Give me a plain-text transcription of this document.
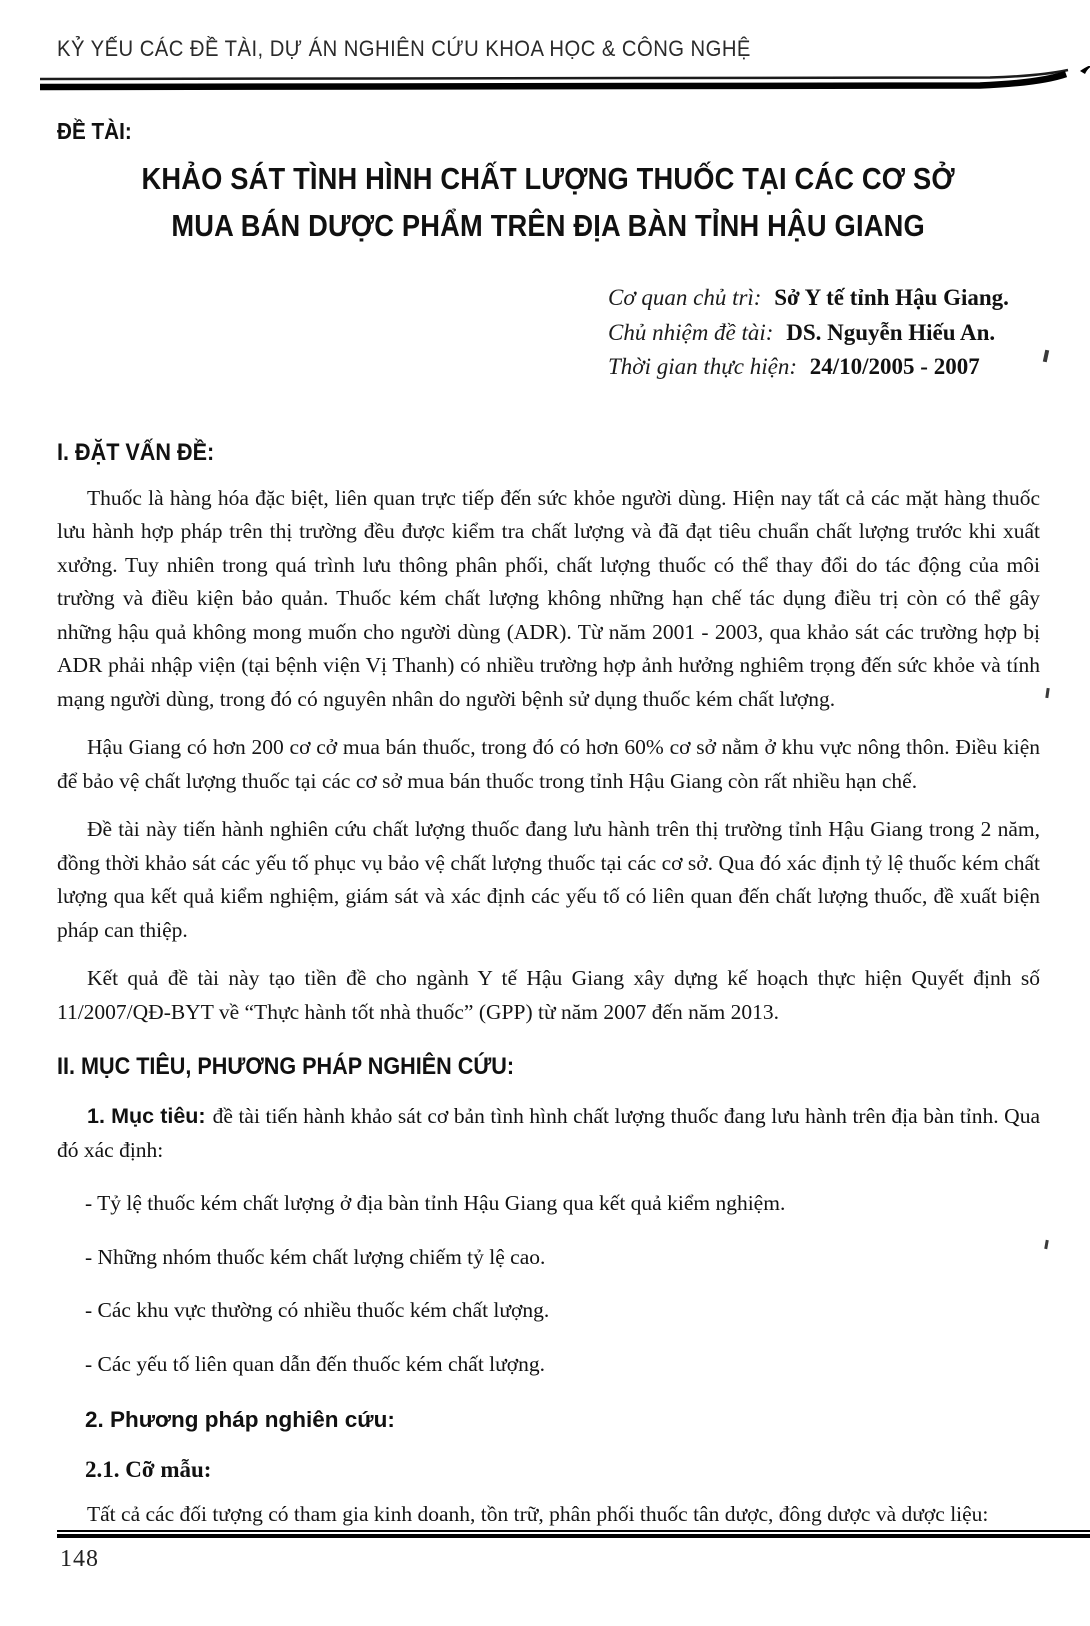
KỶ YẾU CÁC ĐỀ TÀI, DỰ ÁN NGHIÊN CỨU KHOA HỌC & CÔNG NGHỆ
ĐỀ TÀI:
KHẢO SÁT TÌNH HÌNH CHẤT LƯỢNG THUỐC TẠI CÁC CƠ SỞ
MUA BÁN DƯỢC PHẨM TRÊN ĐỊA BÀN TỈNH HẬU GIANG
Cơ quan chủ trì: Sở Y tế tỉnh Hậu Giang.
Chủ nhiệm đề tài: DS. Nguyễn Hiếu An.
Thời gian thực hiện: 24/10/2005 - 2007
I. ĐẶT VẤN ĐỀ:

Thuốc là hàng hóa đặc biệt, liên quan trực tiếp đến sức khỏe người dùng. Hiện nay tất cả các mặt hàng thuốc lưu hành hợp pháp trên thị trường đều được kiểm tra chất lượng và đã đạt tiêu chuẩn chất lượng trước khi xuất xưởng. Tuy nhiên trong quá trình lưu thông phân phối, chất lượng thuốc có thể thay đổi do tác động của môi trường và điều kiện bảo quản. Thuốc kém chất lượng không những hạn chế tác dụng điều trị còn có thể gây những hậu quả không mong muốn cho người dùng (ADR). Từ năm 2001 - 2003, qua khảo sát các trường hợp bị ADR phải nhập viện (tại bệnh viện Vị Thanh) có nhiều trường hợp ảnh hưởng nghiêm trọng đến sức khỏe và tính mạng người dùng, trong đó có nguyên nhân do người bệnh sử dụng thuốc kém chất lượng.

Hậu Giang có hơn 200 cơ cở mua bán thuốc, trong đó có hơn 60% cơ sở nằm ở khu vực nông thôn. Điều kiện để bảo vệ chất lượng thuốc tại các cơ sở mua bán thuốc trong tỉnh Hậu Giang còn rất nhiều hạn chế.

Đề tài này tiến hành nghiên cứu chất lượng thuốc đang lưu hành trên thị trường tỉnh Hậu Giang trong 2 năm, đồng thời khảo sát các yếu tố phục vụ bảo vệ chất lượng thuốc tại các cơ sở. Qua đó xác định tỷ lệ thuốc kém chất lượng qua kết quả kiểm nghiệm, giám sát và xác định các yếu tố có liên quan đến chất lượng thuốc, đề xuất biện pháp can thiệp.

Kết quả đề tài này tạo tiền đề cho ngành Y tế Hậu Giang xây dựng kế hoạch thực hiện Quyết định số 11/2007/QĐ-BYT về “Thực hành tốt nhà thuốc” (GPP) từ năm 2007 đến năm 2013.

II. MỤC TIÊU, PHƯƠNG PHÁP NGHIÊN CỨU:

1. Mục tiêu: đề tài tiến hành khảo sát cơ bản tình hình chất lượng thuốc đang lưu hành trên địa bàn tỉnh. Qua đó xác định:

- Tỷ lệ thuốc kém chất lượng ở địa bàn tỉnh Hậu Giang qua kết quả kiểm nghiệm.

- Những nhóm thuốc kém chất lượng chiếm tỷ lệ cao.

- Các khu vực thường có nhiều thuốc kém chất lượng.

- Các yếu tố liên quan dẫn đến thuốc kém chất lượng.

2. Phương pháp nghiên cứu:

2.1. Cỡ mẫu:

Tất cả các đối tượng có tham gia kinh doanh, tồn trữ, phân phối thuốc tân dược, đông dược và dược liệu:

148
